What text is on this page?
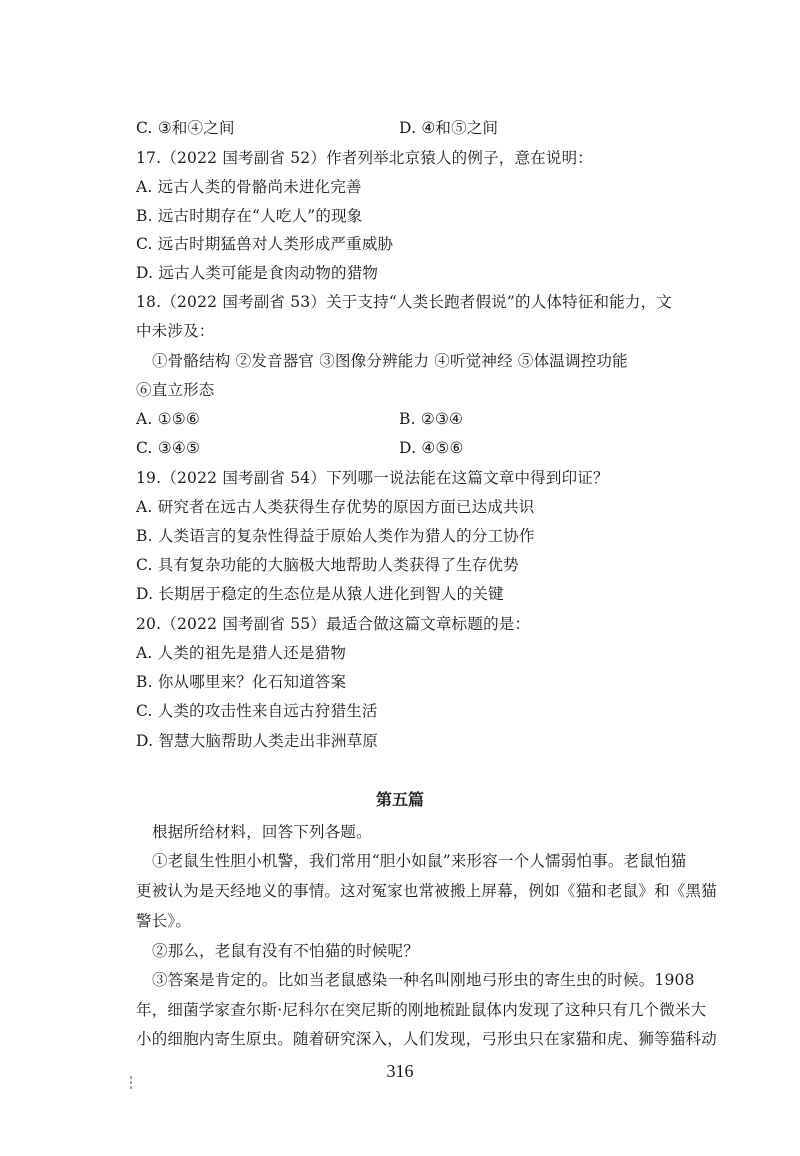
C. ③和④之间	D. ④和⑤之间
17.（2022 国考副省 52）作者列举北京猿人的例子，意在说明：
A. 远古人类的骨骼尚未进化完善
B. 远古时期存在“人吃人”的现象
C. 远古时期猛兽对人类形成严重威胁
D. 远古人类可能是食肉动物的猎物
18.（2022 国考副省 53）关于支持“人类长跑者假说”的人体特征和能力，文
中未涉及：
①骨骼结构 ②发音器官 ③图像分辨能力 ④听觉神经 ⑤体温调控功能
⑥直立形态
A. ①⑤⑥	B. ②③④
C. ③④⑤	D. ④⑤⑥
19.（2022 国考副省 54）下列哪一说法能在这篇文章中得到印证？
A. 研究者在远古人类获得生存优势的原因方面已达成共识
B. 人类语言的复杂性得益于原始人类作为猎人的分工协作
C. 具有复杂功能的大脑极大地帮助人类获得了生存优势
D. 长期居于稳定的生态位是从猿人进化到智人的关键
20.（2022 国考副省 55）最适合做这篇文章标题的是：
A. 人类的祖先是猎人还是猎物
B. 你从哪里来？化石知道答案
C. 人类的攻击性来自远古狩猎生活
D. 智慧大脑帮助人类走出非洲草原
第五篇
根据所给材料，回答下列各题。
①老鼠生性胆小机警，我们常用“胆小如鼠”来形容一个人懦弱怕事。老鼠怕猫
更被认为是天经地义的事情。这对冤家也常被搬上屏幕，例如《猫和老鼠》和《黑猫
警长》。
②那么，老鼠有没有不怕猫的时候呢？
③答案是肯定的。比如当老鼠感染一种名叫刚地弓形虫的寄生虫的时候。1908
年，细菌学家查尔斯·尼科尔在突尼斯的刚地梳趾鼠体内发现了这种只有几个微米大
小的细胞内寄生原虫。随着研究深入，人们发现，弓形虫只在家猫和虎、狮等猫科动
316
